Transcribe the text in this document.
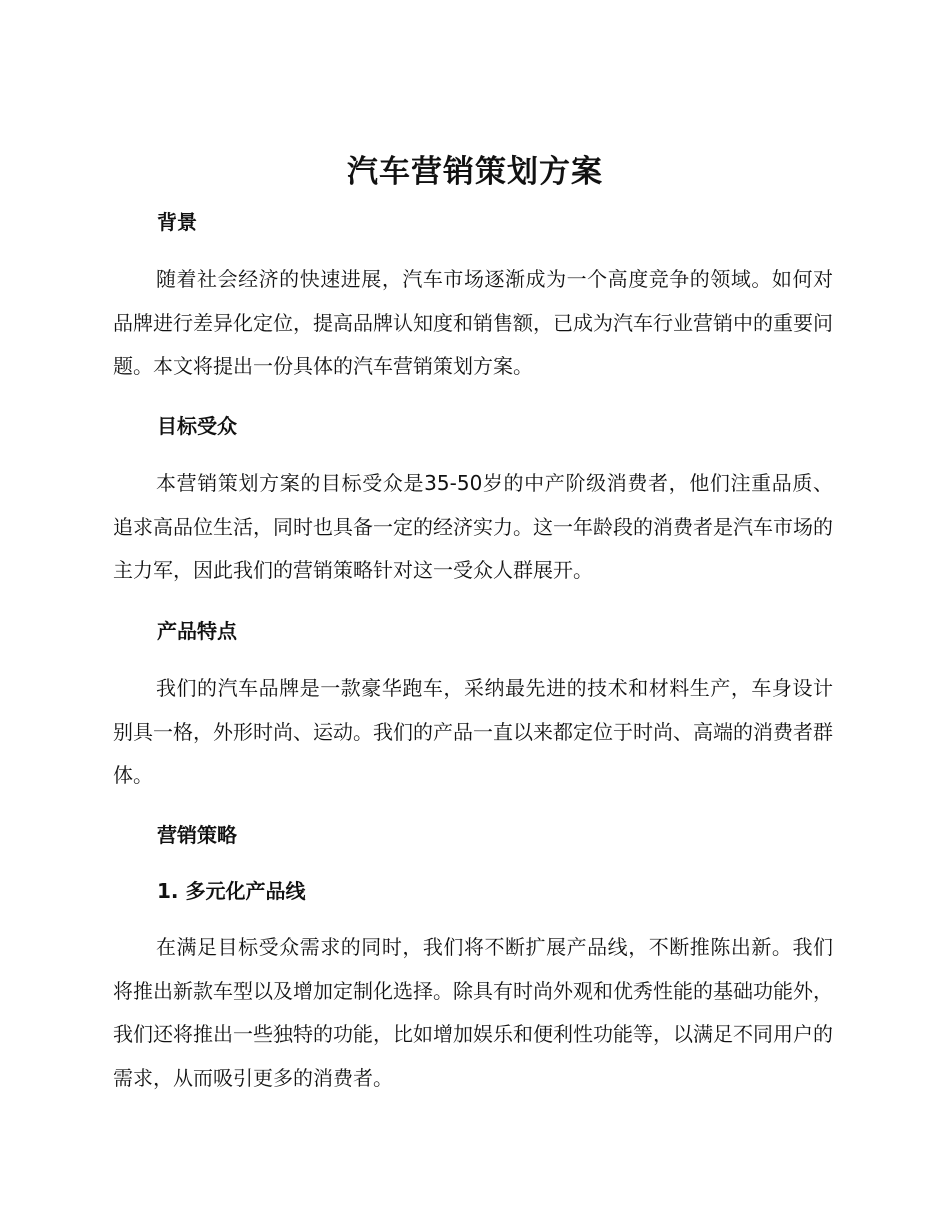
汽车营销策划方案
背景

随着社会经济的快速进展，汽车市场逐渐成为一个高度竞争的领域。如何对品牌进行差异化定位，提高品牌认知度和销售额，已成为汽车行业营销中的重要问题。本文将提出一份具体的汽车营销策划方案。

目标受众

本营销策划方案的目标受众是35-50岁的中产阶级消费者，他们注重品质、追求高品位生活，同时也具备一定的经济实力。这一年龄段的消费者是汽车市场的主力军，因此我们的营销策略针对这一受众人群展开。

产品特点

我们的汽车品牌是一款豪华跑车，采纳最先进的技术和材料生产，车身设计别具一格，外形时尚、运动。我们的产品一直以来都定位于时尚、高端的消费者群体。

营销策略
1. 多元化产品线

在满足目标受众需求的同时，我们将不断扩展产品线，不断推陈出新。我们将推出新款车型以及增加定制化选择。除具有时尚外观和优秀性能的基础功能外，我们还将推出一些独特的功能，比如增加娱乐和便利性功能等，以满足不同用户的需求，从而吸引更多的消费者。
